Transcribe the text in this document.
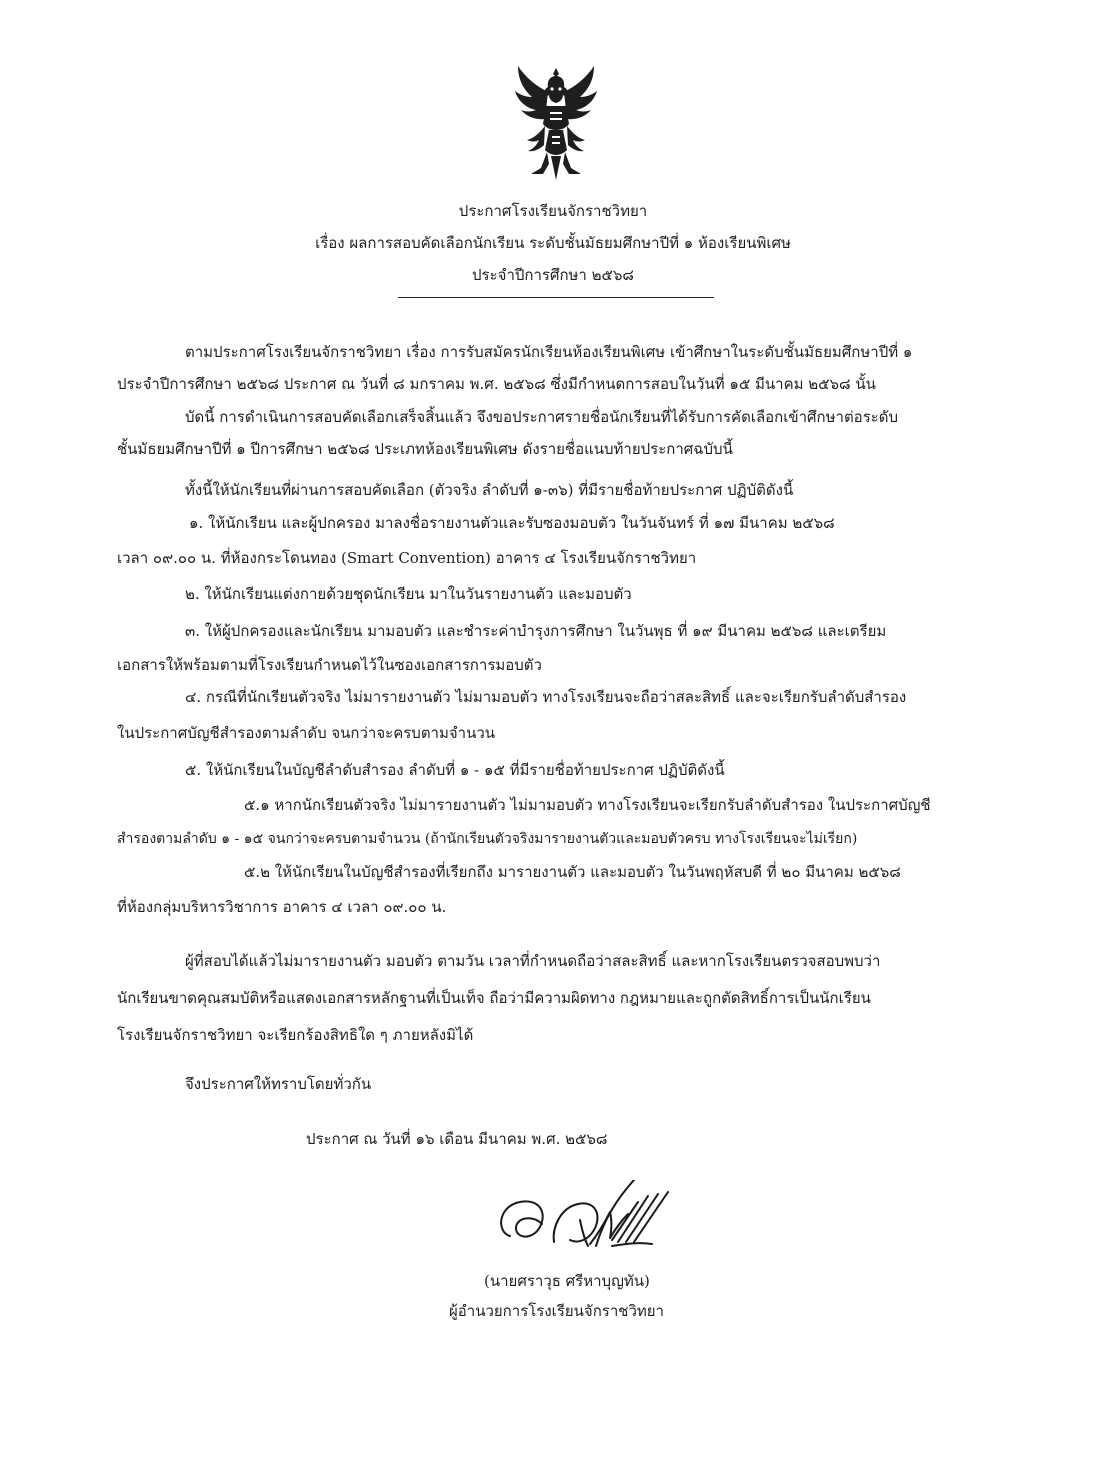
ประกาศโรงเรียนจักราชวิทยา
เรื่อง ผลการสอบคัดเลือกนักเรียน ระดับชั้นมัธยมศึกษาปีที่ ๑ ห้องเรียนพิเศษ
ประจำปีการศึกษา ๒๕๖๘
ตามประกาศโรงเรียนจักราชวิทยา เรื่อง การรับสมัครนักเรียนห้องเรียนพิเศษ เข้าศึกษาในระดับชั้นมัธยมศึกษาปีที่ ๑
ประจำปีการศึกษา ๒๕๖๘ ประกาศ ณ วันที่ ๘ มกราคม พ.ศ. ๒๕๖๘ ซึ่งมีกำหนดการสอบในวันที่ ๑๕ มีนาคม ๒๕๖๘ นั้น
บัดนี้ การดำเนินการสอบคัดเลือกเสร็จสิ้นแล้ว จึงขอประกาศรายชื่อนักเรียนที่ได้รับการคัดเลือกเข้าศึกษาต่อระดับ
ชั้นมัธยมศึกษาปีที่ ๑ ปีการศึกษา ๒๕๖๘ ประเภทห้องเรียนพิเศษ ดังรายชื่อแนบท้ายประกาศฉบับนี้
ทั้งนี้ให้นักเรียนที่ผ่านการสอบคัดเลือก (ตัวจริง ลำดับที่ ๑-๓๖) ที่มีรายชื่อท้ายประกาศ ปฏิบัติดังนี้
๑. ให้นักเรียน และผู้ปกครอง มาลงชื่อรายงานตัวและรับซองมอบตัว ในวันจันทร์ ที่ ๑๗ มีนาคม ๒๕๖๘
เวลา ๐๙.๐๐ น. ที่ห้องกระโดนทอง (Smart Convention) อาคาร ๔ โรงเรียนจักราชวิทยา
๒. ให้นักเรียนแต่งกายด้วยชุดนักเรียน มาในวันรายงานตัว และมอบตัว
๓. ให้ผู้ปกครองและนักเรียน มามอบตัว และชำระค่าบำรุงการศึกษา ในวันพุธ ที่ ๑๙ มีนาคม ๒๕๖๘ และเตรียม
เอกสารให้พร้อมตามที่โรงเรียนกำหนดไว้ในซองเอกสารการมอบตัว
๔. กรณีที่นักเรียนตัวจริง ไม่มารายงานตัว ไม่มามอบตัว ทางโรงเรียนจะถือว่าสละสิทธิ์ และจะเรียกรับลำดับสำรอง
ในประกาศบัญชีสำรองตามลำดับ จนกว่าจะครบตามจำนวน
๕. ให้นักเรียนในบัญชีลำดับสำรอง ลำดับที่ ๑ - ๑๕ ที่มีรายชื่อท้ายประกาศ ปฏิบัติดังนี้
๕.๑ หากนักเรียนตัวจริง ไม่มารายงานตัว ไม่มามอบตัว ทางโรงเรียนจะเรียกรับลำดับสำรอง ในประกาศบัญชี
สำรองตามลำดับ ๑ - ๑๕ จนกว่าจะครบตามจำนวน (ถ้านักเรียนตัวจริงมารายงานตัวและมอบตัวครบ ทางโรงเรียนจะไม่เรียก)
๕.๒ ให้นักเรียนในบัญชีสำรองที่เรียกถึง มารายงานตัว และมอบตัว ในวันพฤหัสบดี ที่ ๒๐ มีนาคม ๒๕๖๘
ที่ห้องกลุ่มบริหารวิชาการ อาคาร ๔ เวลา ๐๙.๐๐ น.
ผู้ที่สอบได้แล้วไม่มารายงานตัว มอบตัว ตามวัน เวลาที่กำหนดถือว่าสละสิทธิ์ และหากโรงเรียนตรวจสอบพบว่า
นักเรียนขาดคุณสมบัติหรือแสดงเอกสารหลักฐานที่เป็นเท็จ ถือว่ามีความผิดทาง กฎหมายและถูกตัดสิทธิ์การเป็นนักเรียน
โรงเรียนจักราชวิทยา จะเรียกร้องสิทธิใด ๆ ภายหลังมิได้
จึงประกาศให้ทราบโดยทั่วกัน
ประกาศ ณ วันที่ ๑๖ เดือน มีนาคม พ.ศ. ๒๕๖๘
(นายศราวุธ ศรีหาบุญทัน)
ผู้อำนวยการโรงเรียนจักราชวิทยา
